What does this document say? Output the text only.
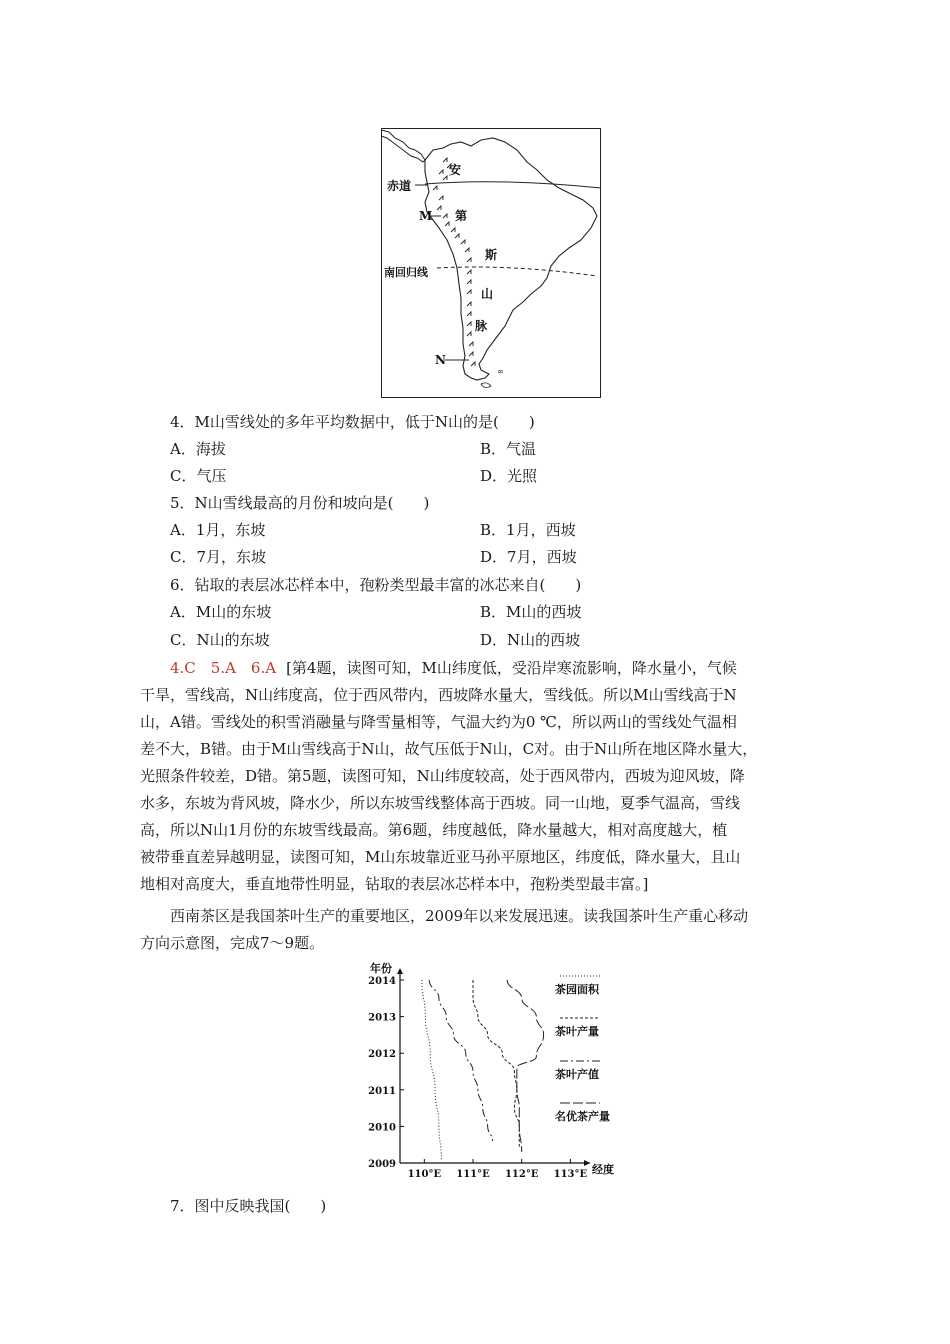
∞
安
赤道
M 第
斯
南回归线
山
脉
N
4．M山雪线处的多年平均数据中，低于N山的是(　　)
A．海拔	B．气温
C．气压	D．光照
5．N山雪线最高的月份和坡向是(　　)
A．1月，东坡	B．1月，西坡
C．7月，东坡	D．7月，西坡
6．钻取的表层冰芯样本中，孢粉类型最丰富的冰芯来自(　　)
A．M山的东坡	B．M山的西坡
C．N山的东坡	D．N山的西坡
4.C　5.A　6.A [第4题，读图可知，M山纬度低，受沿岸寒流影响，降水量小，气候
干旱，雪线高，N山纬度高，位于西风带内，西坡降水量大，雪线低。所以M山雪线高于N
山，A错。雪线处的积雪消融量与降雪量相等，气温大约为0 ℃，所以两山的雪线处气温相
差不大，B错。由于M山雪线高于N山，故气压低于N山，C对。由于N山所在地区降水量大，
光照条件较差，D错。第5题，读图可知，N山纬度较高，处于西风带内，西坡为迎风坡，降
水多，东坡为背风坡，降水少，所以东坡雪线整体高于西坡。同一山地，夏季气温高，雪线
高，所以N山1月份的东坡雪线最高。第6题，纬度越低，降水量越大，相对高度越大，植
被带垂直差异越明显，读图可知，M山东坡靠近亚马孙平原地区，纬度低，降水量大，且山
地相对高度大，垂直地带性明显，钻取的表层冰芯样本中，孢粉类型最丰富。]
西南茶区是我国茶叶生产的重要地区，2009年以来发展迅速。读我国茶叶生产重心移动
方向示意图，完成7～9题。
2009
2010
2011
2012
2013
2014
110°E 111°E 112°E 113°E
茶园面积
茶叶产量
茶叶产值
名优茶产量
年份
经度
7．图中反映我国(　　)
